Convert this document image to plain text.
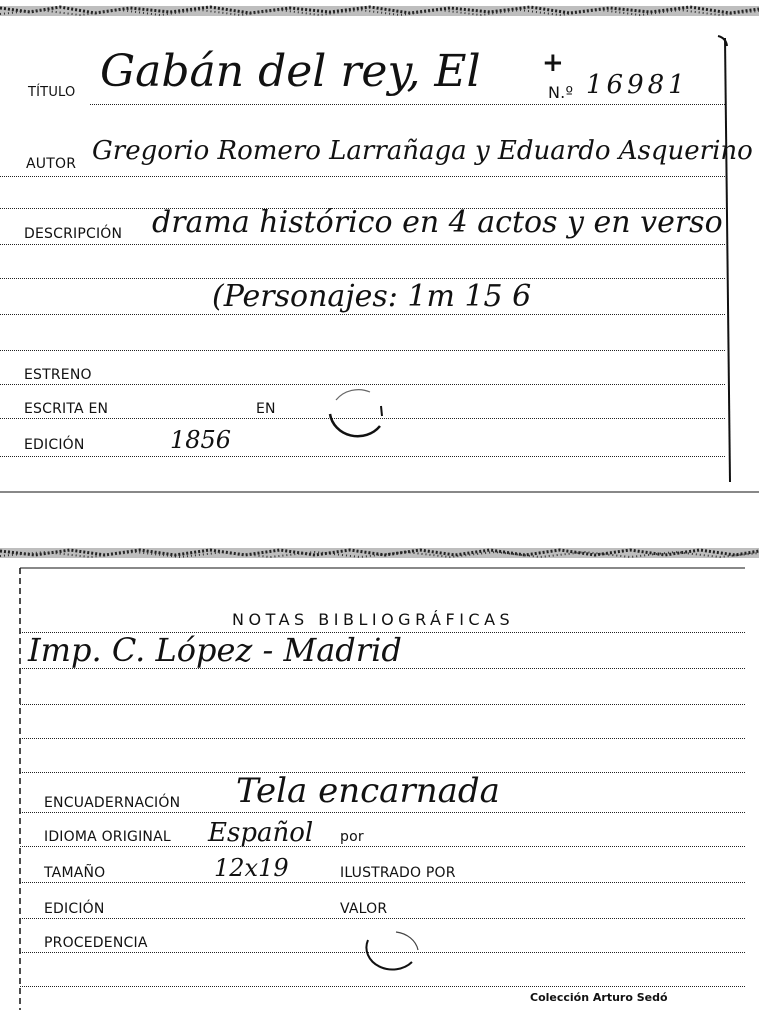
TÍTULO Gabán del rey, El +
N.º 16981
AUTOR Gregorio Romero Larrañaga y Eduardo Asquerino
DESCRIPCIÓN drama histórico en 4 actos y en verso
(Personajes: 1m 15 6
ESTRENO
ESCRITA EN	EN
EDICIÓN	1856
NOTAS BIBLIOGRÁFICAS
Imp. C. López - Madrid
ENCUADERNACIÓN Tela encarnada
IDIOMA ORIGINAL Español por
TAMAÑO	12x19	ILUSTRADO POR
EDICIÓN	VALOR
PROCEDENCIA
Colección Arturo Sedó
